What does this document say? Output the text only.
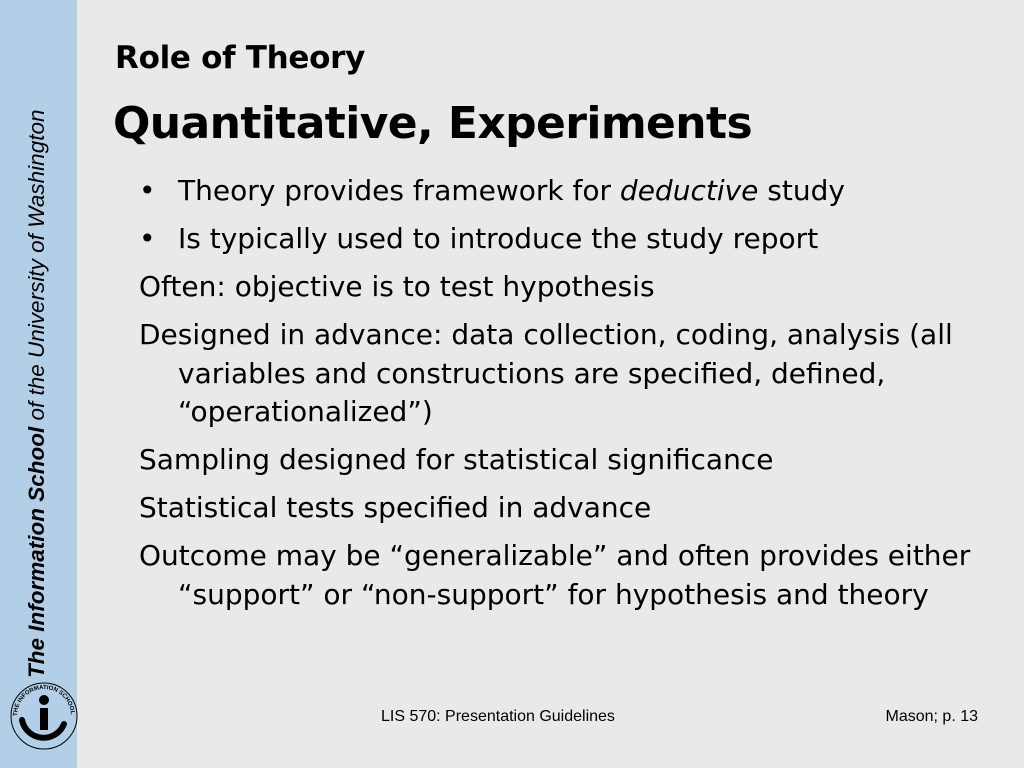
The Information School of the University of Washington
THE INFORMATION SCHOOL
Role of Theory
Quantitative, Experiments
• Theory provides framework for deductive study
• Is typically used to introduce the study report
Often: objective is to test hypothesis
Designed in advance: data collection, coding, analysis (all variables and constructions are specified, defined, “operationalized”)
Sampling designed for statistical significance
Statistical tests specified in advance
Outcome may be “generalizable” and often provides either “support” or “non-support” for hypothesis and theory
LIS 570: Presentation Guidelines	Mason; p. 13
